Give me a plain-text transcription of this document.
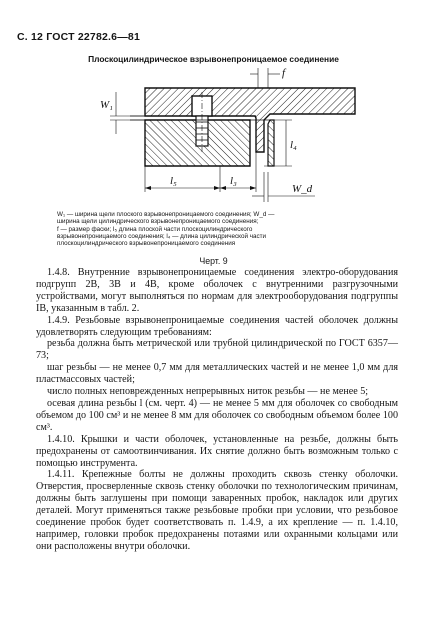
С. 12 ГОСТ 22782.6—81
Плоскоцилиндрическое взрывонепроницаемое соединение
W₁
f
l₅	l₃
l₄
W_d
W₁ — ширина щели плоского взрывонепроницаемого соединения; W_d —
ширина щели цилиндрического взрывонепроницаемого соединения;
f — размер фаски; l₅ длина плоской части плоскоцилиндрического
взрывонепроницаемого соединения; l₄ — длина цилиндрической части
плоскоцилиндрического взрывонепроницаемого соединения
Черт. 9

1.4.8. Внутренние взрывонепроницаемые соединения электро-оборудования подгрупп 2В, 3В и 4В, кроме оболочек с внутренними разгрузочными устройствами, могут выполняться по нормам для электрооборудования подгруппы ІВ, указанным в табл. 2.

1.4.9. Резьбовые взрывонепроницаемые соединения частей оболочек должны удовлетворять следующим требованиям:

резьба должна быть метрической или трубной цилиндрической по ГОСТ 6357—73;

шаг резьбы — не менее 0,7 мм для металлических частей и не менее 1,0 мм для пластмассовых частей;

число полных неповрежденных непрерывных ниток резьбы — не менее 5;

осевая длина резьбы l (см. черт. 4) — не менее 5 мм для оболочек со свободным объемом до 100 см³ и не менее 8 мм для оболочек со свободным объемом более 100 см³.

1.4.10. Крышки и части оболочек, установленные на резьбе, должны быть предохранены от самоотвинчивания. Их снятие должно быть возможным только с помощью инструмента.

1.4.11. Крепежные болты не должны проходить сквозь стенку оболочки. Отверстия, просверленные сквозь стенку оболочки по технологическим причинам, должны быть заглушены при помощи заваренных пробок, накладок или других деталей. Могут применяться также резьбовые пробки при условии, что резьбовое соединение пробок будет соответствовать п. 1.4.9, а их крепление — п. 1.4.10, например, головки пробок предохранены потаями или охранными кольцами или они расположены внутри оболочки.
